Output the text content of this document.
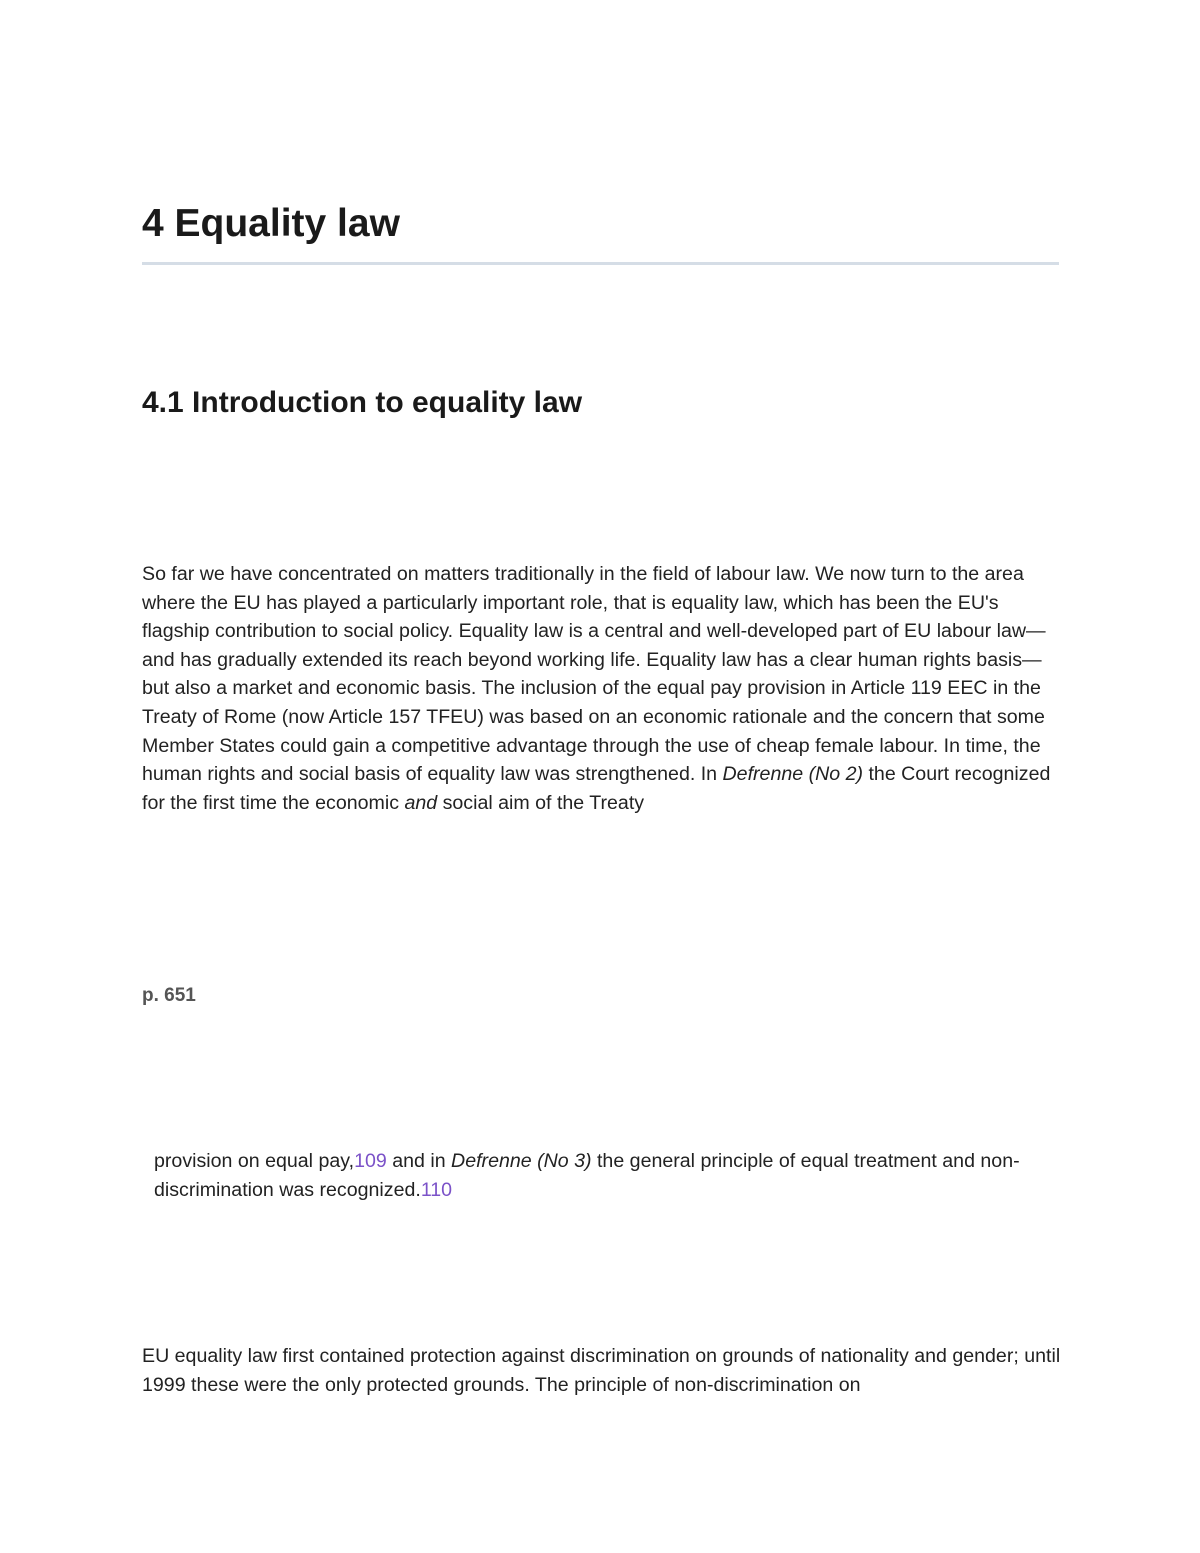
4 Equality law
4.1 Introduction to equality law

So far we have concentrated on matters traditionally in the field of labour law. We now turn to the area where the EU has played a particularly important role, that is equality law, which has been the EU's flagship contribution to social policy. Equality law is a central and well-developed part of EU labour law—and has gradually extended its reach beyond working life. Equality law has a clear human rights basis—but also a market and economic basis. The inclusion of the equal pay provision in Article 119 EEC in the Treaty of Rome (now Article 157 TFEU) was based on an economic rationale and the concern that some Member States could gain a competitive advantage through the use of cheap female labour. In time, the human rights and social basis of equality law was strengthened. In Defrenne (No 2) the Court recognized for the first time the economic and social aim of the Treaty

p. 651

provision on equal pay,109 and in Defrenne (No 3) the general principle of equal treatment and non-discrimination was recognized.110

EU equality law first contained protection against discrimination on grounds of nationality and gender; until 1999 these were the only protected grounds. The principle of non-discrimination on
